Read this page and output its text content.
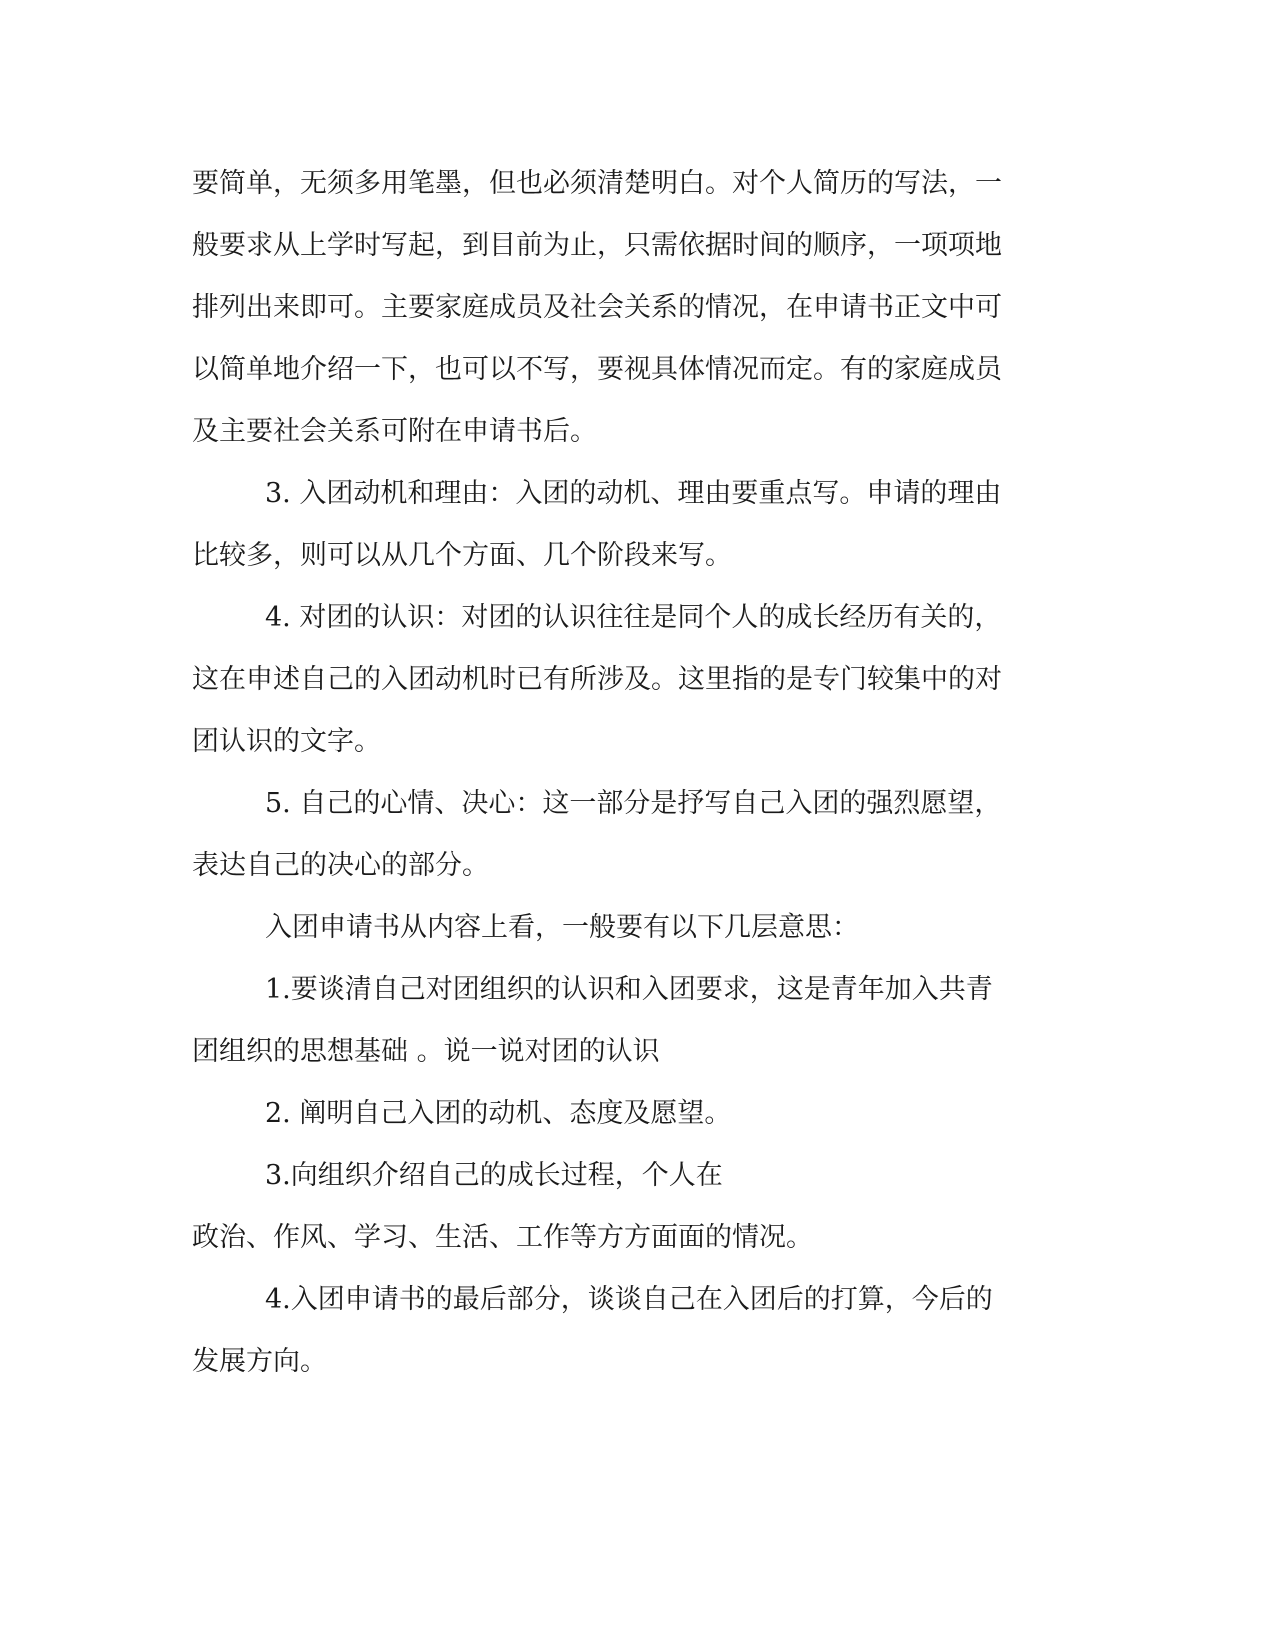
要简单，无须多用笔墨，但也必须清楚明白。对个人简历的写法，一
般要求从上学时写起，到目前为止，只需依据时间的顺序，一项项地
排列出来即可。主要家庭成员及社会关系的情况，在申请书正文中可
以简单地介绍一下，也可以不写，要视具体情况而定。有的家庭成员
及主要社会关系可附在申请书后。
3. 入团动机和理由：入团的动机、理由要重点写。申请的理由
比较多，则可以从几个方面、几个阶段来写。
4. 对团的认识：对团的认识往往是同个人的成长经历有关的，
这在申述自己的入团动机时已有所涉及。这里指的是专门较集中的对
团认识的文字。
5. 自己的心情、决心：这一部分是抒写自己入团的强烈愿望，
表达自己的决心的部分。
入团申请书从内容上看，一般要有以下几层意思：
1.要谈清自己对团组织的认识和入团要求，这是青年加入共青
团组织的思想基础 。说一说对团的认识
2. 阐明自己入团的动机、态度及愿望。
3.向组织介绍自己的成长过程，个人在
政治、作风、学习、生活、工作等方方面面的情况。
4.入团申请书的最后部分，谈谈自己在入团后的打算，今后的
发展方向。
